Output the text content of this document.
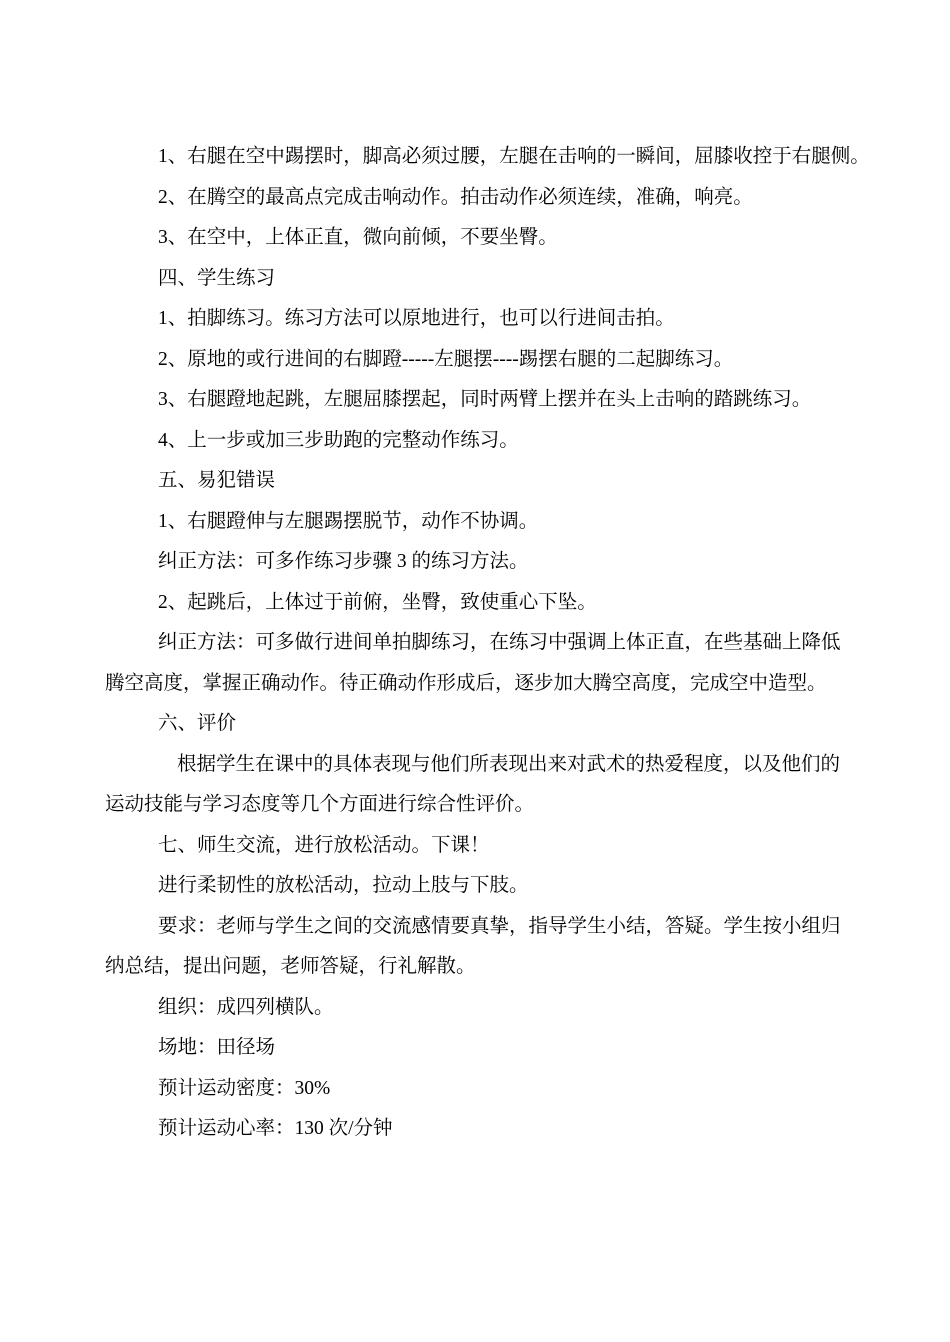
1、右腿在空中踢摆时，脚高必须过腰，左腿在击响的一瞬间，屈膝收控于右腿侧。
2、在腾空的最高点完成击响动作。拍击动作必须连续，准确，响亮。
3、在空中，上体正直，微向前倾，不要坐臀。
四、学生练习
1、拍脚练习。练习方法可以原地进行，也可以行进间击拍。
2、原地的或行进间的右脚蹬-----左腿摆----踢摆右腿的二起脚练习。
3、右腿蹬地起跳，左腿屈膝摆起，同时两臂上摆并在头上击响的踏跳练习。
4、上一步或加三步助跑的完整动作练习。
五、易犯错误
1、右腿蹬伸与左腿踢摆脱节，动作不协调。
纠正方法：可多作练习步骤 3 的练习方法。
2、起跳后，上体过于前俯，坐臀，致使重心下坠。
纠正方法：可多做行进间单拍脚练习，在练习中强调上体正直，在些基础上降低
腾空高度，掌握正确动作。待正确动作形成后，逐步加大腾空高度，完成空中造型。
六、评价
根据学生在课中的具体表现与他们所表现出来对武术的热爱程度，以及他们的
运动技能与学习态度等几个方面进行综合性评价。
七、师生交流，进行放松活动。下课！
进行柔韧性的放松活动，拉动上肢与下肢。
要求：老师与学生之间的交流感情要真挚，指导学生小结，答疑。学生按小组归
纳总结，提出问题，老师答疑，行礼解散。
组织：成四列横队。
场地：田径场
预计运动密度：30%
预计运动心率：130 次/分钟
